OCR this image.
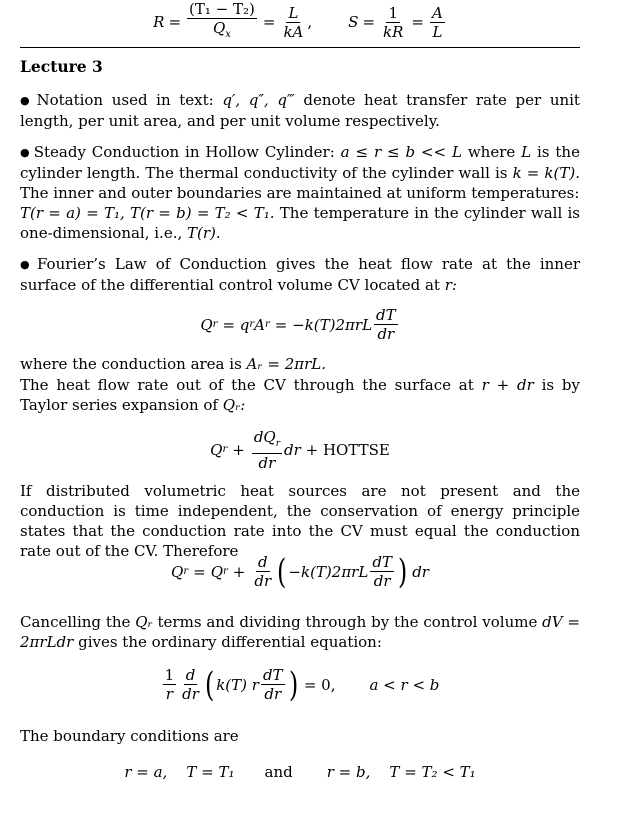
$R = \frac{\text{(T₁ − T₂)}}{Q_x} = \frac{L}{kA}$ , $S = \frac{1}{kR} = \frac{A}{L}$
Lecture 3
● Notation used in text: q′, q″, q‴ denote heat transfer rate per unit length, per unit area, and per unit volume respectively.
● Steady Conduction in Hollow Cylinder: a ≤ r ≤ b << L where L is the cylinder length. The thermal conductivity of the cylinder wall is k = k(T). The inner and outer boundaries are maintained at uniform temperatures:
T(r = a) = T₁, T(r = b) = T₂ < T₁. The temperature in the cylinder wall is one-dimensional, i.e., T(r).
● Fourier’s Law of Conduction gives the heat flow rate at the inner surface of the differential control volume CV located at r:
Q r = q r A $r = -k(T)2\pi rL \frac{dT}{dr}$
where the conduction area is Aᵣ = 2πrL.
The heat flow rate out of the CV through the surface at r + dr is by Taylor series expansion of Qᵣ:
Q $r + \frac{dQ_r}{dr}$ dr + HOTTSE
If distributed volumetric heat sources are not present and the conduction is time independent, the conservation of energy principle states that the conduction rate into the CV must equal the conduction rate out of the CV. Therefore
Q r = Q $r + \frac{d}{dr}$ ( $-k(T)2\pi rL \frac{dT}{dr}$ ) dr
Cancelling the Qᵣ terms and dividing through by the control volume dV = 2πrLdr gives the ordinary differential equation:
$\frac{1}{r} \frac{d}{dr}$ ( k(T) r $\frac{dT}{dr}$ ) = 0, a < r < b
The boundary conditions are
r = a,    T = T₁ and r = b,    T = T₂ < T₁
